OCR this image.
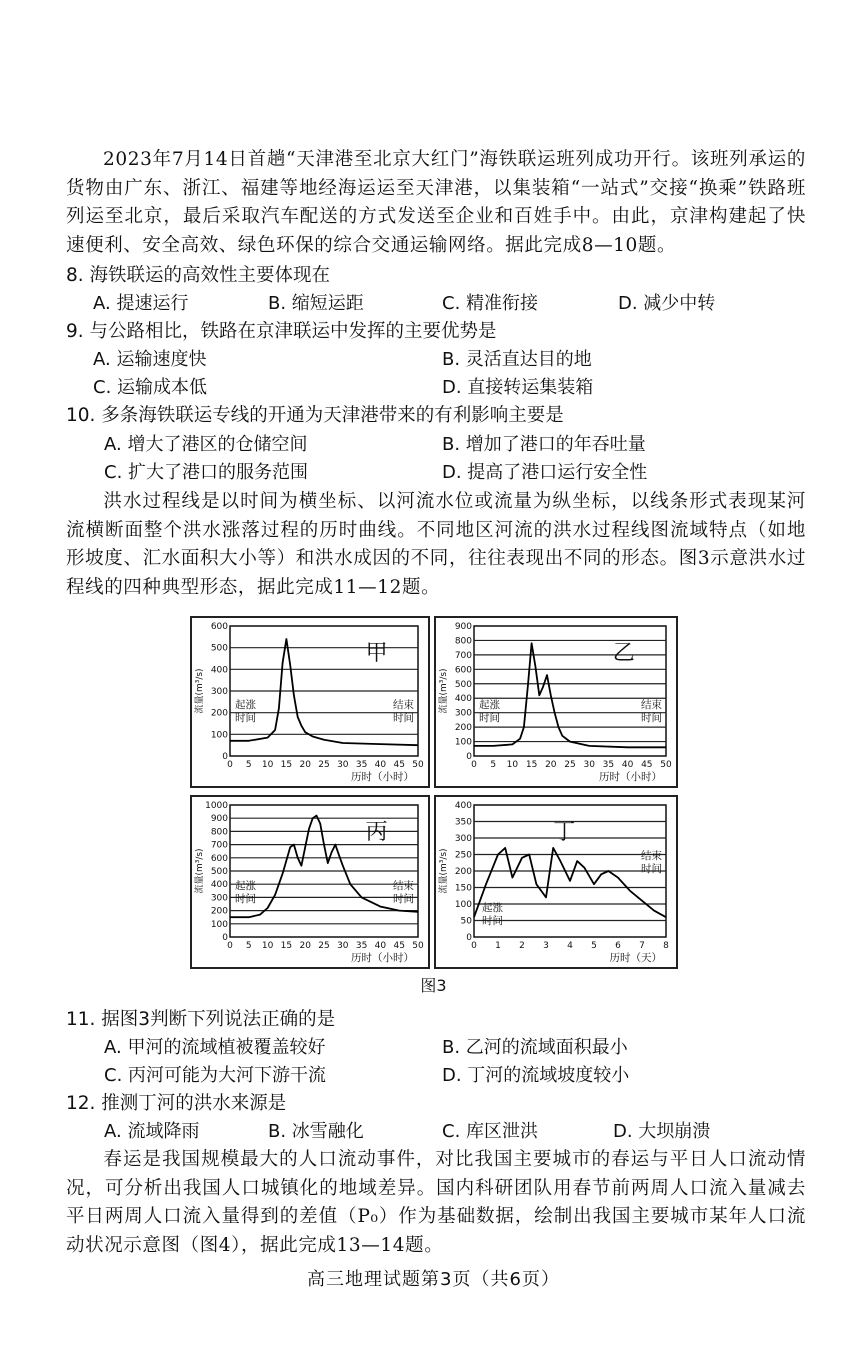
2023年7月14日首趟“天津港至北京大红门”海铁联运班列成功开行。该班列承运的货物由广东、浙江、福建等地经海运运至天津港，以集装箱“一站式”交接“换乘”铁路班列运至北京，最后采取汽车配送的方式发送至企业和百姓手中。由此，京津构建起了快速便利、安全高效、绿色环保的综合交通运输网络。据此完成8—10题。
8. 海铁联运的高效性主要体现在
A. 提速运行	B. 缩短运距	C. 精准衔接	D. 减少中转
9. 与公路相比，铁路在京津联运中发挥的主要优势是
A. 运输速度快	B. 灵活直达目的地
C. 运输成本低	D. 直接转运集装箱
10. 多条海铁联运专线的开通为天津港带来的有利影响主要是
A. 增大了港区的仓储空间	B. 增加了港口的年吞吐量
C. 扩大了港口的服务范围	D. 提高了港口运行安全性
洪水过程线是以时间为横坐标、以河流水位或流量为纵坐标，以线条形式表现某河流横断面整个洪水涨落过程的历时曲线。不同地区河流的洪水过程线图流域特点（如地形坡度、汇水面积大小等）和洪水成因的不同，往往表现出不同的形态。图3示意洪水过程线的四种典型形态，据此完成11—12题。
100
200
300
400
500
600
0 5 10 15 20 25 30 35 40 45 50
0
流量(m³/s)
历时（小时）
甲
起涨
时间
结束
时间
100
200
300
400
500
600
700
800
900
0 5 10 15 20 25 30 35 40 45 50
0
流量(m³/s)
历时（小时）
乙
起涨
时间
结束
时间
100
200
300
400
500
600
700
800
900
1000
0 5 10 15 20 25 30 35 40 45 50
0
流量(m³/s)
历时（小时）
丙
起涨
时间
结束
时间
50
100
150
200
250
300
350
400
0 1 2 3 4 5 6 7 8
0
流量(m³/s)
历时（天）
丁
起涨
时间
结束
时间
图3
11. 据图3判断下列说法正确的是
A. 甲河的流域植被覆盖较好	B. 乙河的流域面积最小
C. 丙河可能为大河下游干流	D. 丁河的流域坡度较小
12. 推测丁河的洪水来源是
A. 流域降雨	B. 冰雪融化	C. 库区泄洪	D. 大坝崩溃
春运是我国规模最大的人口流动事件，对比我国主要城市的春运与平日人口流动情况，可分析出我国人口城镇化的地域差异。国内科研团队用春节前两周人口流入量减去平日两周人口流入量得到的差值（P₀）作为基础数据，绘制出我国主要城市某年人口流动状况示意图（图4），据此完成13—14题。
高三地理试题第3页（共6页）
